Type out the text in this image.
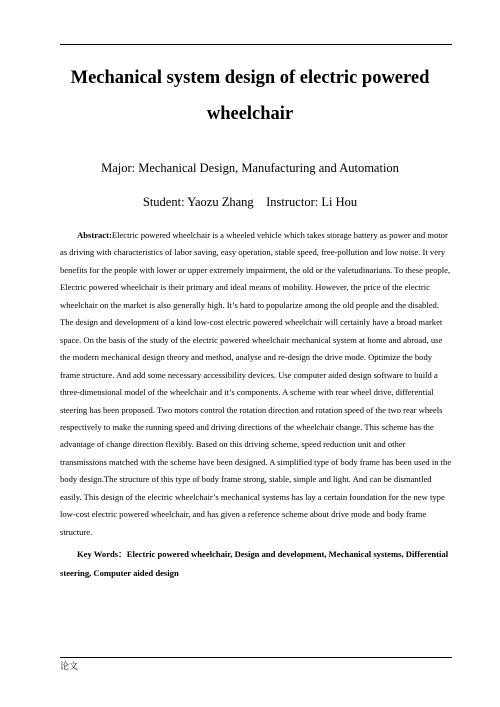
Mechanical system design of electric powered wheelchair
Major: Mechanical Design, Manufacturing and Automation
Student: Yaozu Zhang Instructor: Li Hou
Abstract:Electric powered wheelchair is a wheeled vehicle which takes storage battery as power and motor as driving with characteristics of labor saving, easy operation, stable speed, free-pollution and low noise. It very benefits for the people with lower or upper extremely impairment, the old or the valetudinarians. To these people, Electric powered wheelchair is their primary and ideal means of mobility. However, the price of the electric wheelchair on the market is also generally high. It’s hard to popularize among the old people and the disabled. The design and development of a kind low-cost electric powered wheelchair will certainly have a broad market space. On the basis of the study of the electric powered wheelchair mechanical system at home and abroad, use the modern mechanical design theory and method, analyse and re-design the drive mode. Optimize the body frame structure. And add some necessary accessibility devices. Use computer aided design software to build a three-dimensional model of the wheelchair and it’s components. A scheme with rear wheel drive, differential steering has been proposed. Two motors control the rotation direction and rotation speed of the two rear wheels respectively to make the running speed and driving directions of the wheelchair change. This scheme has the advantage of change direction flexibly. Based on this driving scheme, speed reduction unit and other transmissions matched with the scheme have been designed. A simplified type of body frame has been used in the body design.The structure of this type of body frame strong, stable, simple and light. And can be dismantled easily. This design of the electric wheelchair’s mechanical systems has lay a certain foundation for the new type low-cost electric powered wheelchair, and has given a reference scheme about drive mode and body frame structure.
Key Words：Electric powered wheelchair, Design and development, Mechanical systems, Differential steering, Computer aided design
论文
